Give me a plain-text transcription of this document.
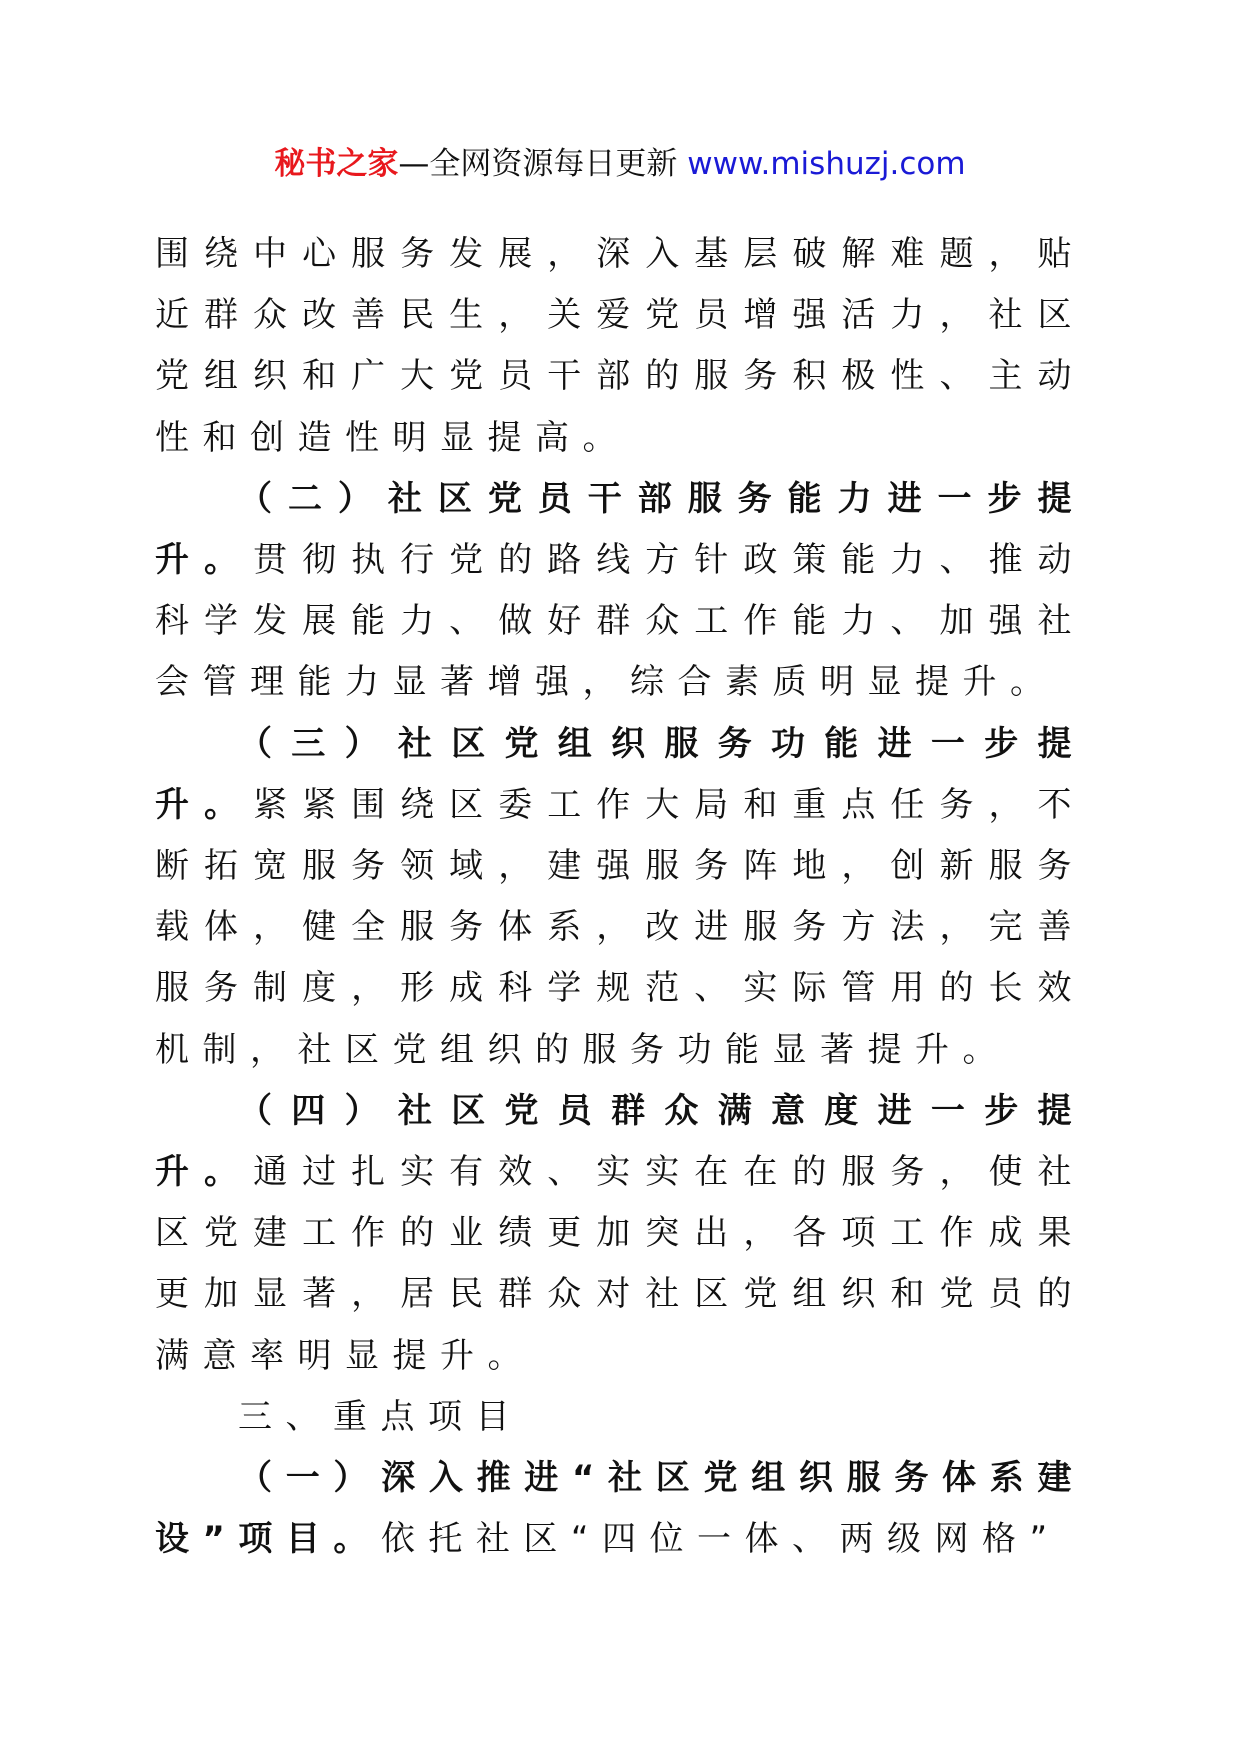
秘书之家—全网资源每日更新 www.mishuzj.com

围绕中心服务发展，深入基层破解难题，贴近群众改善民生，关爱党员增强活力，社区党组织和广大党员干部的服务积极性、主动性和创造性明显提高。

（二）社区党员干部服务能力进一步提升。贯彻执行党的路线方针政策能力、推动科学发展能力、做好群众工作能力、加强社会管理能力显著增强，综合素质明显提升。

（三）社区党组织服务功能进一步提升。紧紧围绕区委工作大局和重点任务，不断拓宽服务领域，建强服务阵地，创新服务载体，健全服务体系，改进服务方法，完善服务制度，形成科学规范、实际管用的长效机制，社区党组织的服务功能显著提升。

（四）社区党员群众满意度进一步提升。通过扎实有效、实实在在的服务，使社区党建工作的业绩更加突出，各项工作成果更加显著，居民群众对社区党组织和党员的满意率明显提升。

三、重点项目

（一）深入推进“社区党组织服务体系建设”项目。依托社区“四位一体、两级网格”
